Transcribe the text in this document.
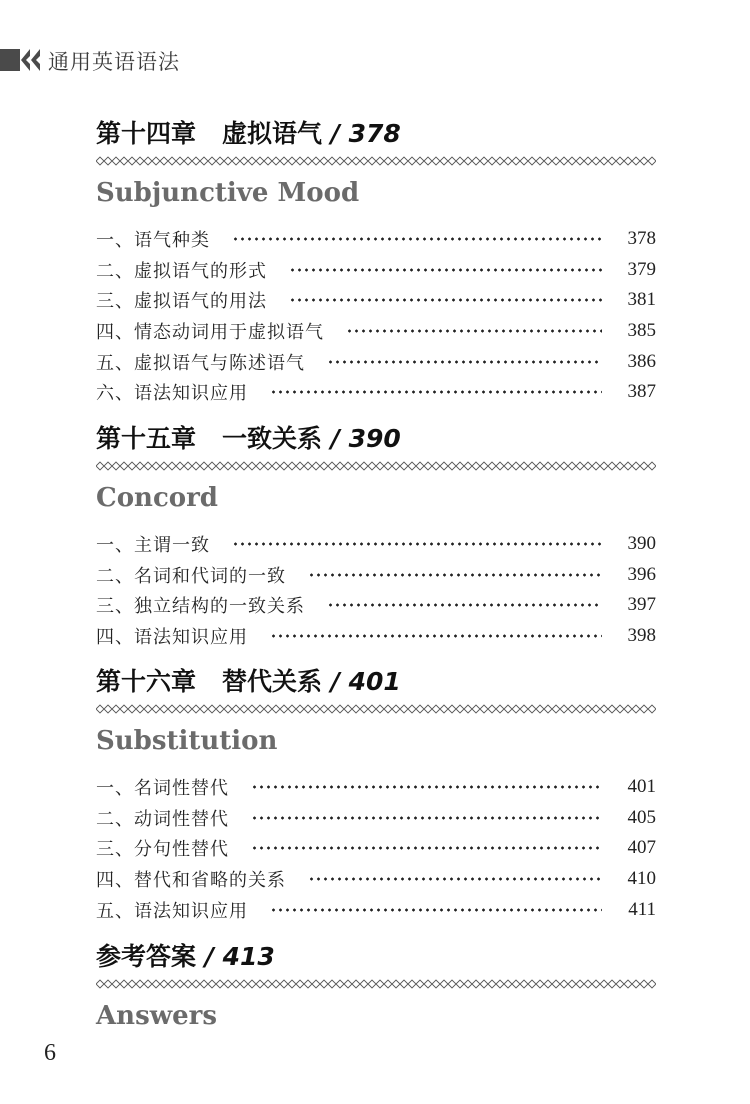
通用英语语法
第十四章 虚拟语气 / 378
Subjunctive Mood
一、语气种类	378
二、虚拟语气的形式	379
三、虚拟语气的用法	381
四、情态动词用于虚拟语气	385
五、虚拟语气与陈述语气	386
六、语法知识应用	387
第十五章 一致关系 / 390
Concord
一、主谓一致	390
二、名词和代词的一致	396
三、独立结构的一致关系	397
四、语法知识应用	398
第十六章 替代关系 / 401
Substitution
一、名词性替代	401
二、动词性替代	405
三、分句性替代	407
四、替代和省略的关系	410
五、语法知识应用	411
参考答案 / 413
Answers
6
